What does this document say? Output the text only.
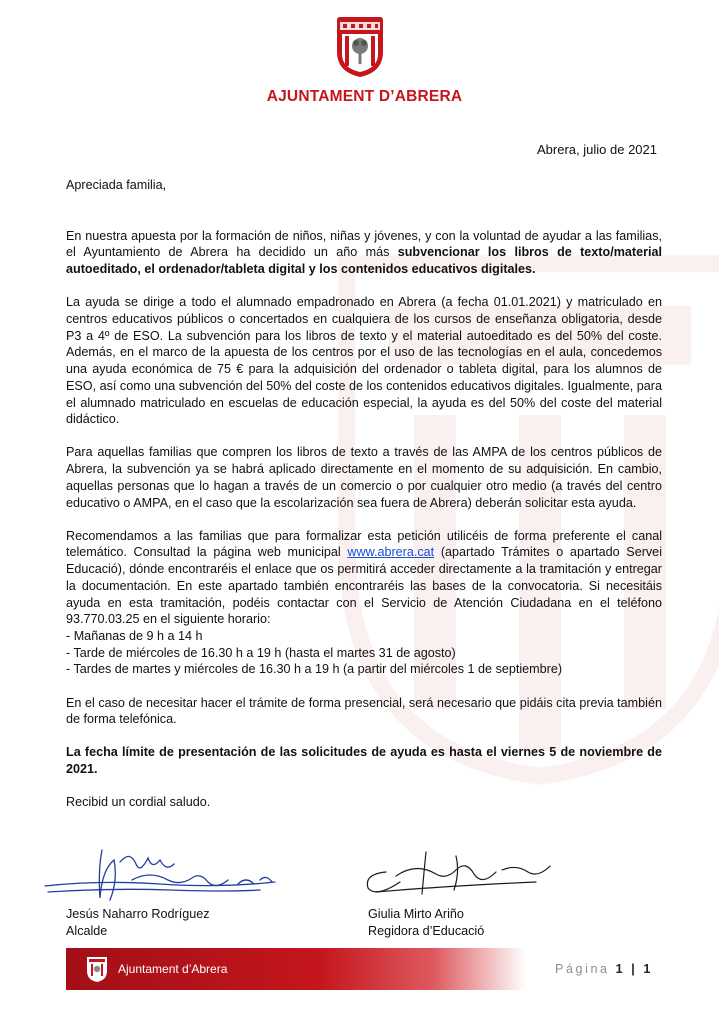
AJUNTAMENT D’ABRERA
Abrera, julio de 2021

Apreciada familia,

En nuestra apuesta por la formación de niños, niñas y jóvenes, y con la voluntad de ayudar a las familias, el Ayuntamiento de Abrera ha decidido un año más subvencionar los libros de texto/material autoeditado, el ordenador/tableta digital y los contenidos educativos digitales.

La ayuda se dirige a todo el alumnado empadronado en Abrera (a fecha 01.01.2021) y matriculado en centros educativos públicos o concertados en cualquiera de los cursos de enseñanza obligatoria, desde P3 a 4º de ESO. La subvención para los libros de texto y el material autoeditado es del 50% del coste. Además, en el marco de la apuesta de los centros por el uso de las tecnologías en el aula, concedemos una ayuda económica de 75 € para la adquisición del ordenador o tableta digital, para los alumnos de ESO, así como una subvención del 50% del coste de los contenidos educativos digitales. Igualmente, para el alumnado matriculado en escuelas de educación especial, la ayuda es del 50% del coste del material didáctico.

Para aquellas familias que compren los libros de texto a través de las AMPA de los centros públicos de Abrera, la subvención ya se habrá aplicado directamente en el momento de su adquisición. En cambio, aquellas personas que lo hagan a través de un comercio o por cualquier otro medio (a través del centro educativo o AMPA, en el caso que la escolarización sea fuera de Abrera) deberán solicitar esta ayuda.

Recomendamos a las familias que para formalizar esta petición utilicéis de forma preferente el canal telemático. Consultad la página web municipal www.abrera.cat (apartado Trámites o apartado Servei Educació), dónde encontraréis el enlace que os permitirá acceder directamente a la tramitación y entregar la documentación. En este apartado también encontraréis las bases de la convocatoria. Si necesitáis ayuda en esta tramitación, podéis contactar con el Servicio de Atención Ciudadana en el teléfono 93.770.03.25 en el siguiente horario:

- Mañanas de 9 h a 14 h
- Tarde de miércoles de 16.30 h a 19 h (hasta el martes 31 de agosto)
- Tardes de martes y miércoles de 16.30 h a 19 h (a partir del miércoles 1 de septiembre)

En el caso de necesitar hacer el trámite de forma presencial, será necesario que pidáis cita previa también de forma telefónica.

La fecha límite de presentación de las solicitudes de ayuda es hasta el viernes 5 de noviembre de 2021.

Recibid un cordial saludo.

Jesús Naharro Rodríguez
Alcalde
Giulia Mirto Ariño
Regidora d’Educació
Ajuntament d’Abrera	Página 1 | 1
